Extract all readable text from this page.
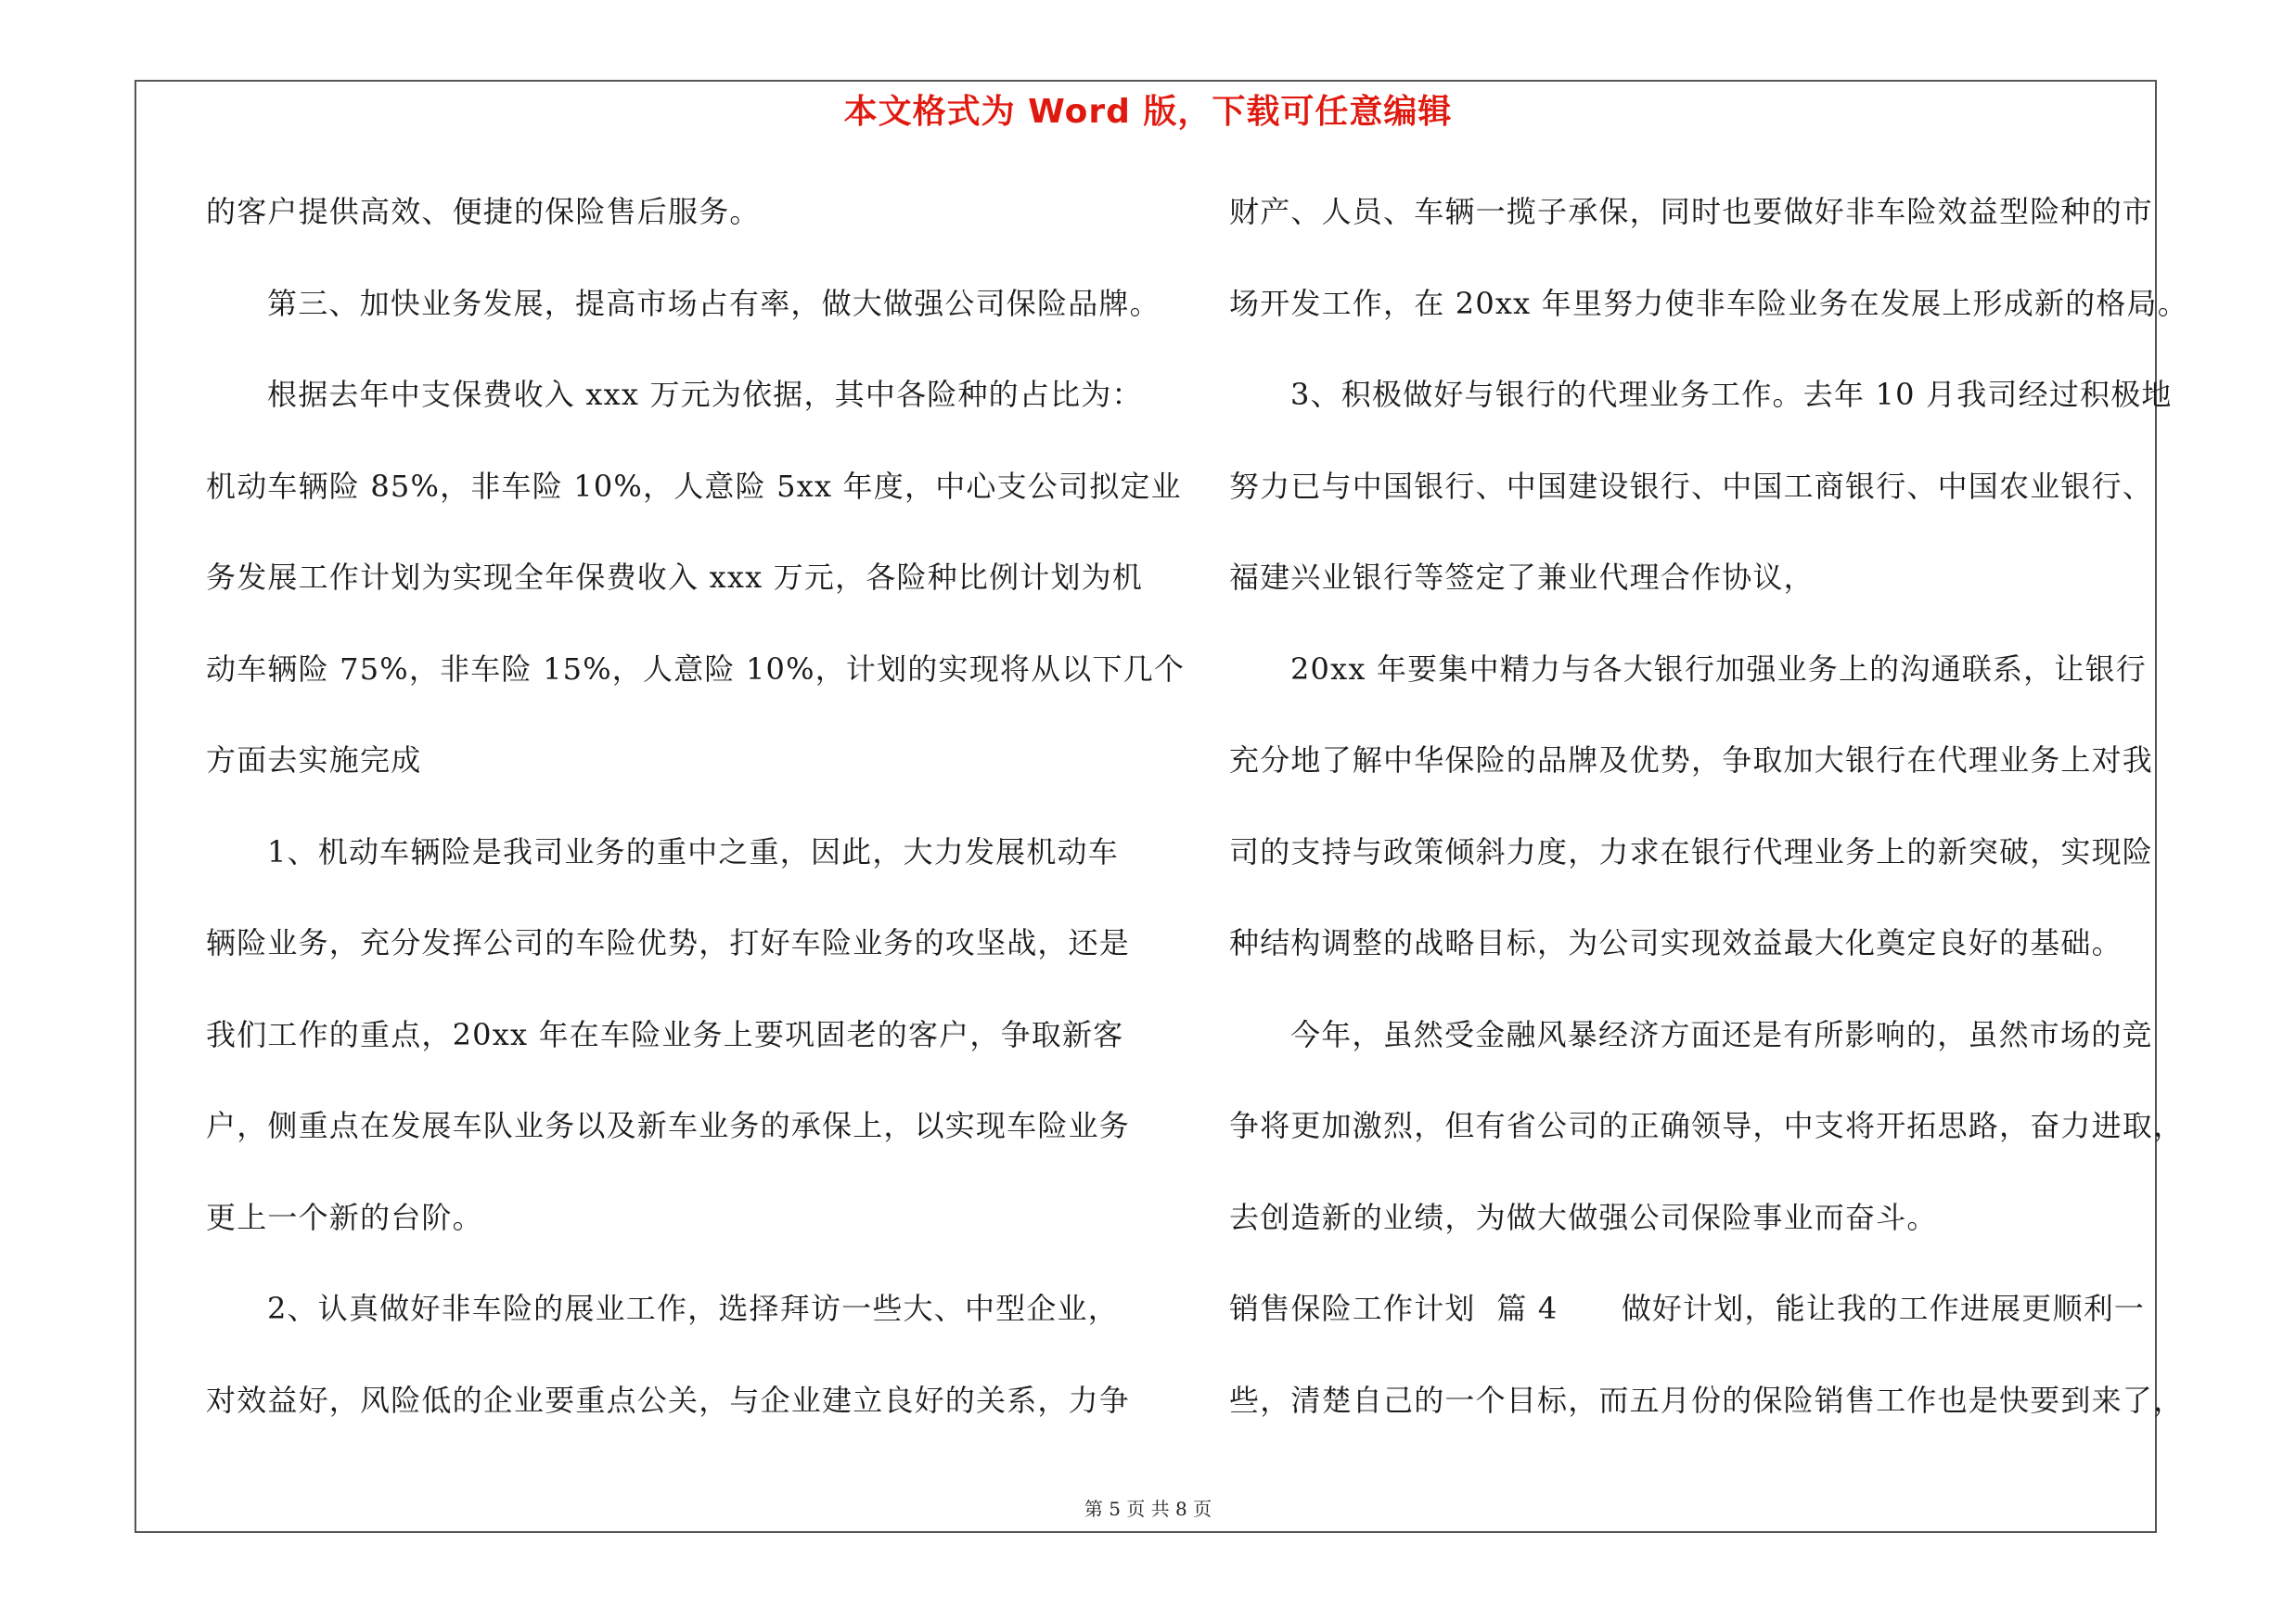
本文格式为 Word 版，下载可任意编辑
的客户提供高效、便捷的保险售后服务。
第三、加快业务发展，提高市场占有率，做大做强公司保险品牌。
根据去年中支保费收入 xxx 万元为依据，其中各险种的占比为：
机动车辆险 85%，非车险 10%，人意险 5xx 年度，中心支公司拟定业
务发展工作计划为实现全年保费收入 xxx 万元，各险种比例计划为机
动车辆险 75%，非车险 15%，人意险 10%，计划的实现将从以下几个
方面去实施完成
1、机动车辆险是我司业务的重中之重，因此，大力发展机动车
辆险业务，充分发挥公司的车险优势，打好车险业务的攻坚战，还是
我们工作的重点，20xx 年在车险业务上要巩固老的客户，争取新客
户，侧重点在发展车队业务以及新车业务的承保上，以实现车险业务
更上一个新的台阶。
2、认真做好非车险的展业工作，选择拜访一些大、中型企业，
对效益好，风险低的企业要重点公关，与企业建立良好的关系，力争
财产、人员、车辆一揽子承保，同时也要做好非车险效益型险种的市
场开发工作，在 20xx 年里努力使非车险业务在发展上形成新的格局。
3、积极做好与银行的代理业务工作。去年 10 月我司经过积极地
努力已与中国银行、中国建设银行、中国工商银行、中国农业银行、
福建兴业银行等签定了兼业代理合作协议，
20xx 年要集中精力与各大银行加强业务上的沟通联系，让银行
充分地了解中华保险的品牌及优势，争取加大银行在代理业务上对我
司的支持与政策倾斜力度，力求在银行代理业务上的新突破，实现险
种结构调整的战略目标，为公司实现效益最大化奠定良好的基础。
今年，虽然受金融风暴经济方面还是有所影响的，虽然市场的竞
争将更加激烈，但有省公司的正确领导，中支将开拓思路，奋力进取，
去创造新的业绩，为做大做强公司保险事业而奋斗。
销售保险工作计划  篇 4      做好计划，能让我的工作进展更顺利一
些，清楚自己的一个目标，而五月份的保险销售工作也是快要到来了，
第 5 页 共 8 页
